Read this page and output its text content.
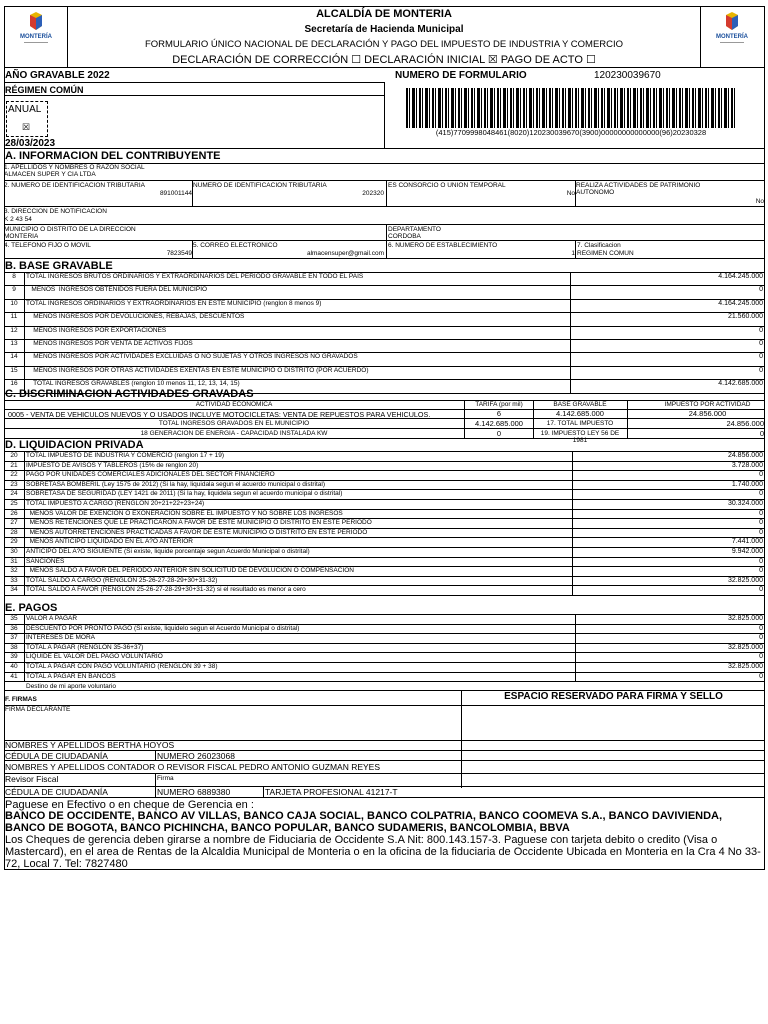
MONTERÍA	MONTERÍA
ALCALDÍA DE MONTERIA
Secretaría de Hacienda Municipal
FORMULARIO ÚNICO NACIONAL DE DECLARACIÓN Y PAGO DEL IMPUESTO DE INDUSTRIA Y COMERCIO
DECLARACIÓN DE CORRECCIÓN ☐ DECLARACIÓN INICIAL ☒ PAGO DE ACTO ☐
AÑO GRAVABLE 2022
RÉGIMEN COMÚN
ANUAL
☒
28/03/2023
NUMERO DE FORMULARIO	120230039670
(415)7709998048461(8020)120230039670(3900)00000000000000(96)20230328
A. INFORMACION DEL CONTRIBUYENTE
1. APELLIDOS Y NOMBRES O RAZON SOCIAL
ALMACEN SUPER Y CIA LTDA
2. NUMERO DE IDENTIFICACION TRIBUTARIA
891001144
NUMERO DE IDENTIFICACION TRIBUTARIA
202320
ES CONSORCIO O UNION TEMPORAL
No
REALIZA ACTIVIDADES DE PATRIMONIO AUTONOMO
No
3. DIRECCION DE NOTIFICACION
K 2 43 54
MUNICIPIO O DISTRITO DE LA DIRECCION
MONTERIA
DEPARTAMENTO
CORDOBA
4. TELEFONO FIJO O MOVIL
7823549
5. CORREO ELECTRONICO
almacensuper@gmail.com
6. NUMERO DE ESTABLECIMIENTO
1
7. Clasificacion
RÉGIMEN COMÚN
B. BASE GRAVABLE
8	TOTAL INGRESOS BRUTOS ORDINARIOS Y EXTRAORDINARIOS DEL PERIODO GRAVABLE EN TODO EL PAIS	4.164.245.000
9	MENOS  INGRESOS OBTENIDOS FUERA DEL MUNICIPIO	0
10	TOTAL INGRESOS ORDINARIOS Y EXTRAORDINARIOS EN ESTE MUNICIPIO (renglon 8 menos 9)	4.164.245.000
11	MENOS INGRESOS POR DEVOLUCIONES, REBAJAS, DESCUENTOS	21.560.000
12	MENOS INGRESOS POR EXPORTACIONES	0
13	MENOS INGRESOS POR VENTA DE ACTIVOS FIJOS	0
14	MENOS INGRESOS POR ACTIVIDADES EXCLUIDAS O NO SUJETAS Y OTROS INGRESOS NO GRAVADOS	0
15	MENOS INGRESOS POR OTRAS ACTIVIDADES EXENTAS EN ESTE MUNICIPIO O DISTRITO (POR ACUERDO)	0
16	TOTAL INGRESOS GRAVABLES (renglon 10 menos 11, 12, 13, 14, 15)	4.142.685.000
C. DISCRIMINACION ACTIVIDADES GRAVADAS
ACTIVIDAD ECONOMICA	TARIFA (por mil)	BASE GRAVABLE	IMPUESTO POR ACTIVIDAD
0005 - VENTA DE VEHICULOS NUEVOS Y O USADOS INCLUYE MOTOCICLETAS: VENTA DE REPUESTOS PARA VEHICULOS.	6	4.142.685.000	24.856.000
TOTAL INGRESOS GRAVADOS EN EL MUNICIPIO	4.142.685.000	17. TOTAL IMPUESTO	24.856.000
18 GENERACION DE ENERGIA - CAPACIDAD INSTALADA KW	0	19. IMPUESTO LEY 56 DE 1981
0
D. LIQUIDACION PRIVADA
20	TOTAL IMPUESTO DE INDUSTRIA Y COMERCIO (renglon 17 + 19)	24.856.000
21	IMPUESTO DE AVISOS Y TABLEROS (15% de renglon 20)	3.728.000
22	PAGO POR UNIDADES COMERCIALES ADICIONALES DEL SECTOR FINANCIERO	0
23	SOBRETASA BOMBERIL (Ley 1575 de 2012) (Si la hay, liquidala segun el acuerdo municipal o distrital)	1.740.000
24	SOBRETASA DE SEGURIDAD (LEY 1421 de 2011) (Si la hay, liquidela segun el acuerdo municipal o distrital)	0
25	TOTAL IMPUESTO A CARGO (RENGLON 20+21+22+23+24)	30.324.000
26	MENOS VALOR DE EXENCION O EXONERACION SOBRE EL IMPUESTO Y NO SOBRE LOS INGRESOS	0
27	MENOS RETENCIONES QUE LE PRACTICARON A FAVOR DE ESTE MUNICIPIO O DISTRITO EN ESTE PERIODO	0
28	MENOS AUTORRETENCIONES PRACTICADAS A FAVOR DE ESTE MUNICIPIO O DISTRITO EN ESTE PERIODO	0
29	MENOS ANTICIPO LIQUIDADO EN EL A?O ANTERIOR	7.441.000
30	ANTICIPO DEL A?O SIGUIENTE (Si existe, liquide porcentaje segun Acuerdo Municipal o distrital)	9.942.000
31	SANCIONES	0
32	MENOS SALDO A FAVOR DEL PERIODO ANTERIOR SIN SOLICITUD DE DEVOLUCION O COMPENSACION	0
33	TOTAL SALDO A CARGO (RENGLON 25-26-27-28-29+30+31-32)	32.825.000
34	TOTAL SALDO A FAVOR (RENGLON 25-26-27-28-29+30+31-32) si el resultado es menor a cero	0
E. PAGOS
35	VALOR A PAGAR	32.825.000
36	DESCUENTO POR PRONTO PAGO (Si existe, liquidelo segun el Acuerdo Municipal o distrital)	0
37	INTERESES DE MORA	0
38	TOTAL A PAGAR (RENGLON 35-36+37)	32.825.000
39	LIQUIDE EL VALOR DEL PAGO VOLUNTARIO	0
40	TOTAL A PAGAR CON PAGO VOLUNTARIO (RENGLON 39 + 38)	32.825.000
41	TOTAL A PAGAR EN BANCOS	0
Destino de mi aporte voluntario
F. FIRMAS	ESPACIO RESERVADO PARA FIRMA Y SELLO
FIRMA DECLARANTE
NOMBRES Y APELLIDOS BERTHA HOYOS
CÉDULA DE CIUDADANÍA	NUMERO 26023068
NOMBRES Y APELLIDOS CONTADOR O REVISOR FISCAL PEDRO ANTONIO GUZMAN REYES
Revisor Fiscal	Firma
CÉDULA DE CIUDADANÍA	NUMERO 6889380	TARJETA PROFESIONAL 41217-T
Paguese en Efectivo o en cheque de Gerencia en :
BANCO DE OCCIDENTE, BANCO AV VILLAS, BANCO CAJA SOCIAL, BANCO COLPATRIA, BANCO COOMEVA S.A., BANCO DAVIVIENDA, BANCO DE BOGOTA, BANCO PICHINCHA, BANCO POPULAR, BANCO SUDAMERIS, BANCOLOMBIA, BBVA
Los Cheques de gerencia deben girarse a nombre de Fiduciaria de Occidente S.A Nit: 800.143.157-3. Paguese con tarjeta debito o credito (Visa o Mastercard), en el area de Rentas de la Alcaldia Municipal de Monteria o en la oficina de la fiduciaria de Occidente Ubicada en Monteria en la Cra 4 No 33-72, Local 7. Tel: 7827480
